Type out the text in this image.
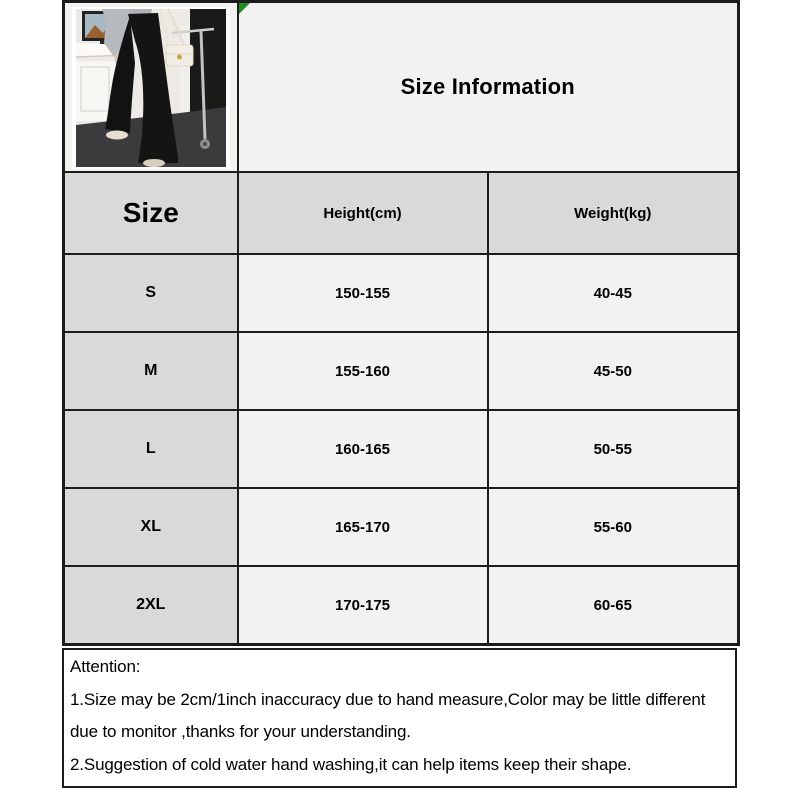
Size Information	
Size	Height(cm)	Weight(kg)
S	150-155	40-45
M	155-160	45-50
L	160-165	50-55
XL	165-170	55-60
2XL	170-175	60-65
Attention:
1.Size may be 2cm/1inch inaccuracy due to hand measure,Color may be little different due to monitor ,thanks for your understanding.
2.Suggestion of cold water hand washing,it can help items keep their shape.
